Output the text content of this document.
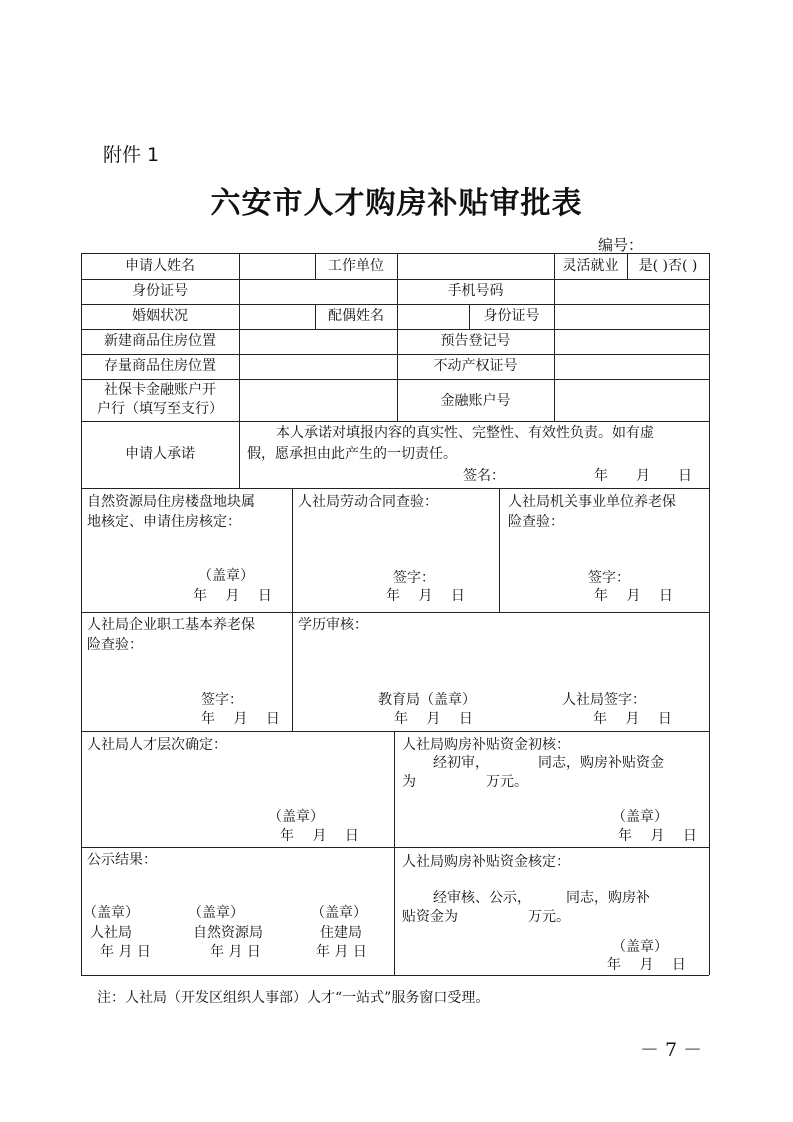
附件 1
六安市人才购房补贴审批表
编号：
申请人姓名	工作单位	灵活就业	是( )否( )
身份证号	手机号码
婚姻状况	配偶姓名	身份证号
新建商品住房位置	预告登记号
存量商品住房位置	不动产权证号
社保卡金融账户开
户行（填写至支行）	金融账户号
申请人承诺
本人承诺对填报内容的真实性、完整性、有效性负责。如有虚
假，愿承担由此产生的一切责任。
签名：	年　　月　　日
自然资源局住房楼盘地块属
地核定、申请住房核定：
（盖章）
年　 月　 日
人社局劳动合同查验：
签字：
年　 月　 日
人社局机关事业单位养老保
险查验：
签字：
年　 月　 日
人社局企业职工基本养老保
险查验：
签字：
年　 月　 日
学历审核：
教育局（盖章）
年　 月　 日
人社局签字：
年　 月　 日
人社局人才层次确定：
（盖章）
年　 月　 日
人社局购房补贴资金初核：
经初审，　　　　同志，购房补贴资金
为　　　　　万元。
（盖章）
年　 月　 日
公示结果：
（盖章）	（盖章）	（盖章）
人社局	自然资源局	住建局
年 月 日	年 月 日	年 月 日
人社局购房补贴资金核定：
经审核、公示，　　　同志，购房补
贴资金为　　　　　万元。
（盖章）
年　 月　 日
注：人社局（开发区组织人事部）人才“一站式”服务窗口受理。
－ 7 －
